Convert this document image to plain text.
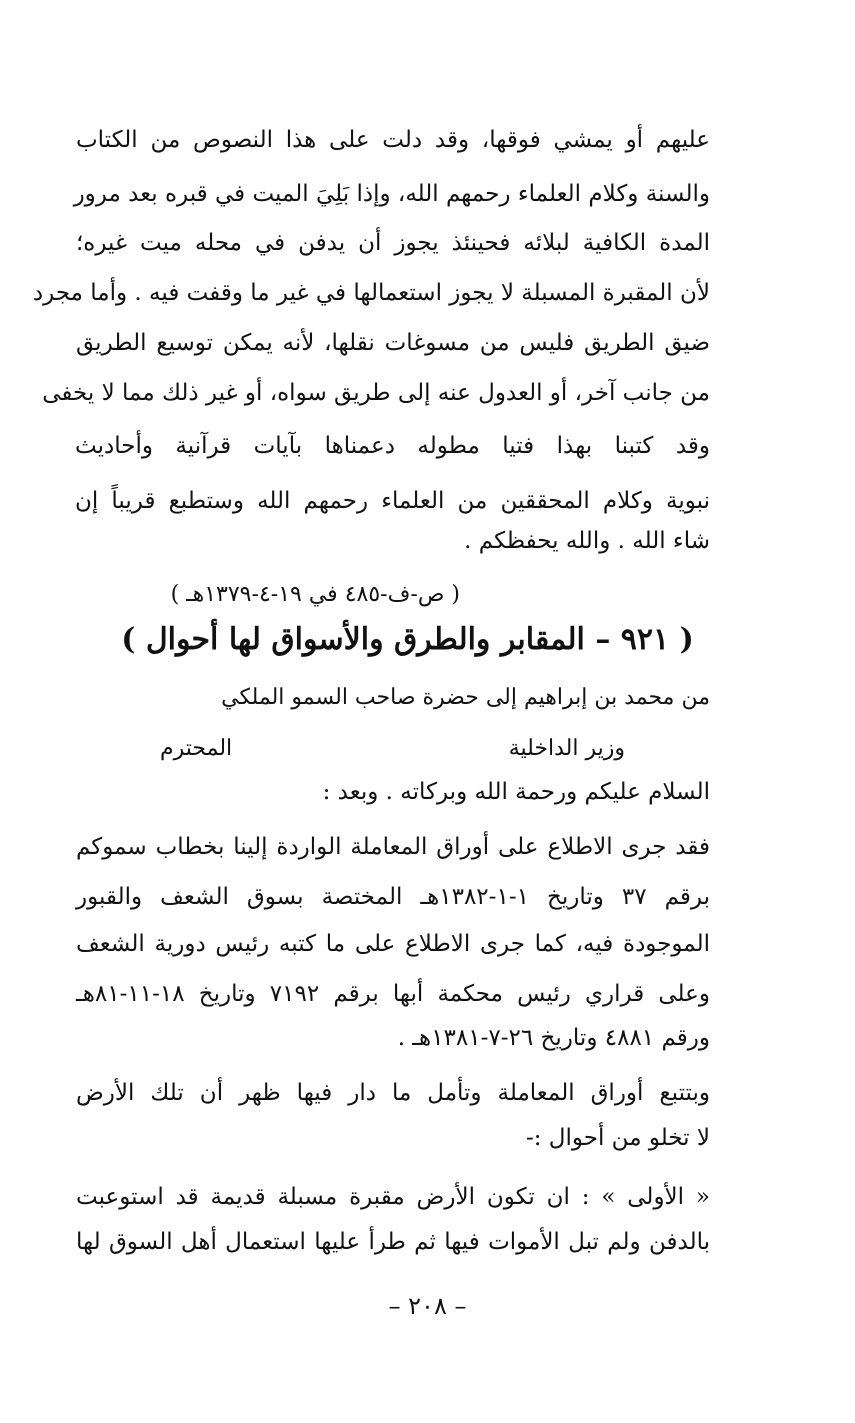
عليهم أو يمشي فوقها، وقد دلت على هذا النصوص من الكتاب
والسنة وكلام العلماء رحمهم الله، وإذا بَلِيَ الميت في قبره بعد مرور
المدة الكافية لبلائه فحينئذ يجوز أن يدفن في محله ميت غيره؛
لأن المقبرة المسبلة لا يجوز استعمالها في غير ما وقفت فيه . وأما مجرد
ضيق الطريق فليس من مسوغات نقلها، لأنه يمكن توسيع الطريق
من جانب آخر، أو العدول عنه إلى طريق سواه، أو غير ذلك مما لا يخفى
وقد كتبنا بهذا فتيا مطوله دعمناها بآيات قرآنية وأحاديث
نبوية وكلام المحققين من العلماء رحمهم الله وستطبع قريباً إن
شاء الله . والله يحفظكم .
( ص-ف-٤٨٥ في ١٩-٤-١٣٧٩هـ )
( ٩٢١ – المقابر والطرق والأسواق لها أحوال )
من محمد بن إبراهيم إلى حضرة صاحب السمو الملكي
وزير الداخلية
المحترم
السلام عليكم ورحمة الله وبركاته . وبعد :
فقد جرى الاطلاع على أوراق المعاملة الواردة إلينا بخطاب سموكم
برقم ٣٧ وتاريخ ١-١-١٣٨٢هـ المختصة بسوق الشعف والقبور
الموجودة فيه، كما جرى الاطلاع على ما كتبه رئيس دورية الشعف
وعلى قراري رئيس محكمة أبها برقم ٧١٩٢ وتاريخ ١٨-١١-٨١هـ
ورقم ٤٨٨١ وتاريخ ٢٦-٧-١٣٨١هـ .
وبتتبع أوراق المعاملة وتأمل ما دار فيها ظهر أن تلك الأرض
لا تخلو من أحوال :-
« الأولى » : ان تكون الأرض مقبرة مسبلة قديمة قد استوعبت
بالدفن ولم تبل الأموات فيها ثم طرأ عليها استعمال أهل السوق لها
– ٢٠٨ –
